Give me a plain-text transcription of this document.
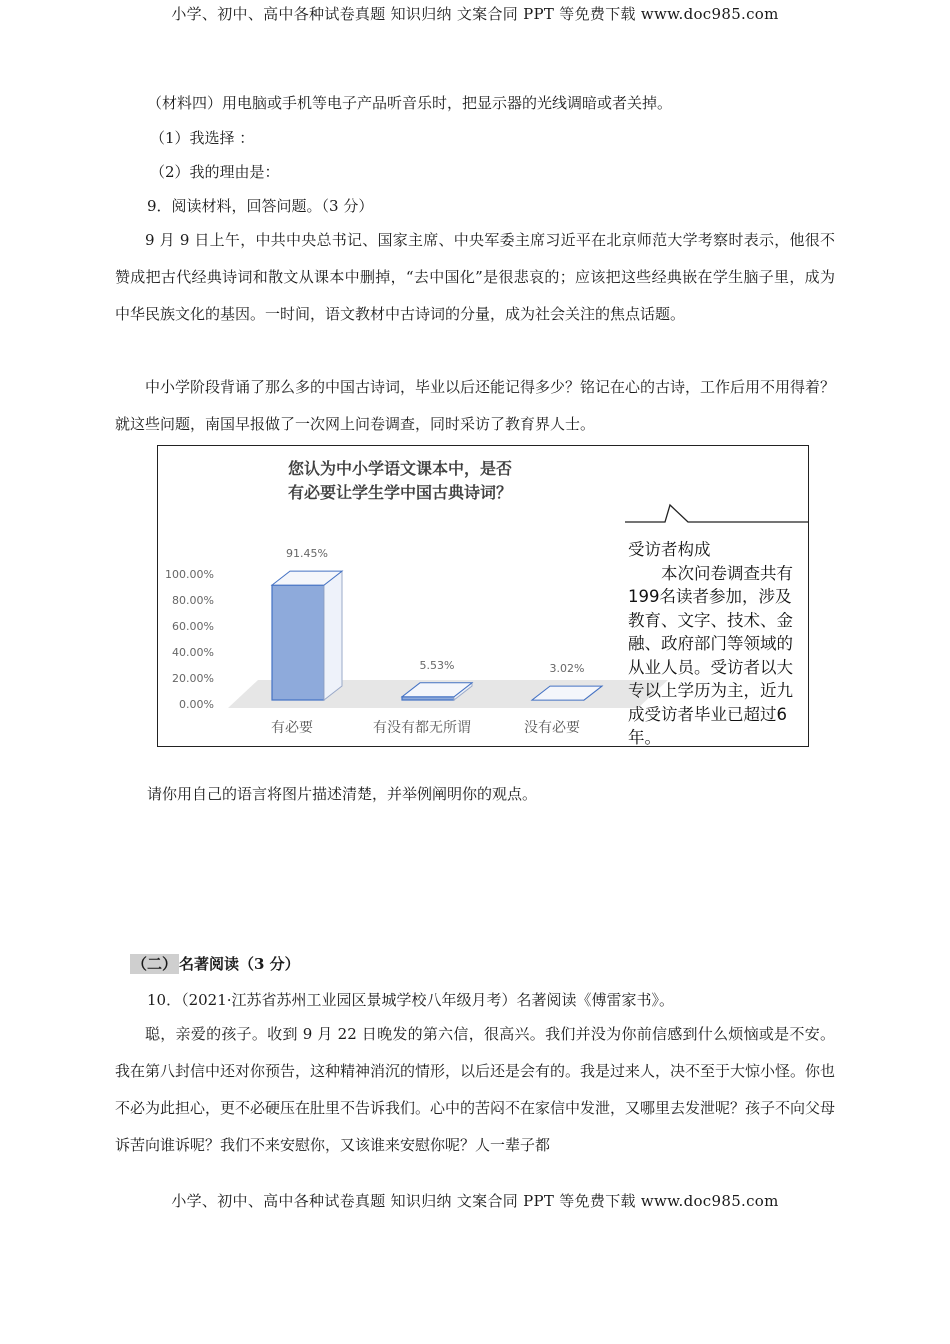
小学、初中、高中各种试卷真题 知识归纳 文案合同 PPT 等免费下载 www.doc985.com
（材料四）用电脑或手机等电子产品听音乐时，把显示器的光线调暗或者关掉。
（1）我选择 ：
（2）我的理由是：
9．阅读材料，回答问题。（3 分）
9 月 9 日上午，中共中央总书记、国家主席、中央军委主席习近平在北京师范大学考察时表示，他很不赞成把古代经典诗词和散文从课本中删掉，“去中国化”是很悲哀的；应该把这些经典嵌在学生脑子里，成为中华民族文化的基因。一时间，语文教材中古诗词的分量，成为社会关注的焦点话题。
中小学阶段背诵了那么多的中国古诗词，毕业以后还能记得多少？铭记在心的古诗，工作后用不用得着？就这些问题，南国早报做了一次网上问卷调查，同时采访了教育界人士。
您认为中小学语文课本中，是否
有必要让学生学中国古典诗词？
0.00%
20.00%
40.00%
60.00%
80.00%
100.00%
91.45%
有必要
5.53%
有没有都无所谓
3.02%
没有必要
受访者构成
本次问卷调查共有199名读者参加，涉及教育、文字、技术、金融、政府部门等领域的从业人员。受访者以大专以上学历为主，近九成受访者毕业已超过6年。
请你用自己的语言将图片描述清楚，并举例阐明你的观点。
（二） 名著阅读（3 分）
10．（2021·江苏省苏州工业园区景城学校八年级月考）名著阅读《傅雷家书》。
聪，亲爱的孩子。收到 9 月 22 日晚发的第六信，很高兴。我们并没为你前信感到什么烦恼或是不安。我在第八封信中还对你预告，这种精神消沉的情形，以后还是会有的。我是过来人，决不至于大惊小怪。你也不必为此担心，更不必硬压在肚里不告诉我们。心中的苦闷不在家信中发泄，又哪里去发泄呢？孩子不向父母诉苦向谁诉呢？我们不来安慰你，又该谁来安慰你呢？人一辈子都
小学、初中、高中各种试卷真题 知识归纳 文案合同 PPT 等免费下载 www.doc985.com
